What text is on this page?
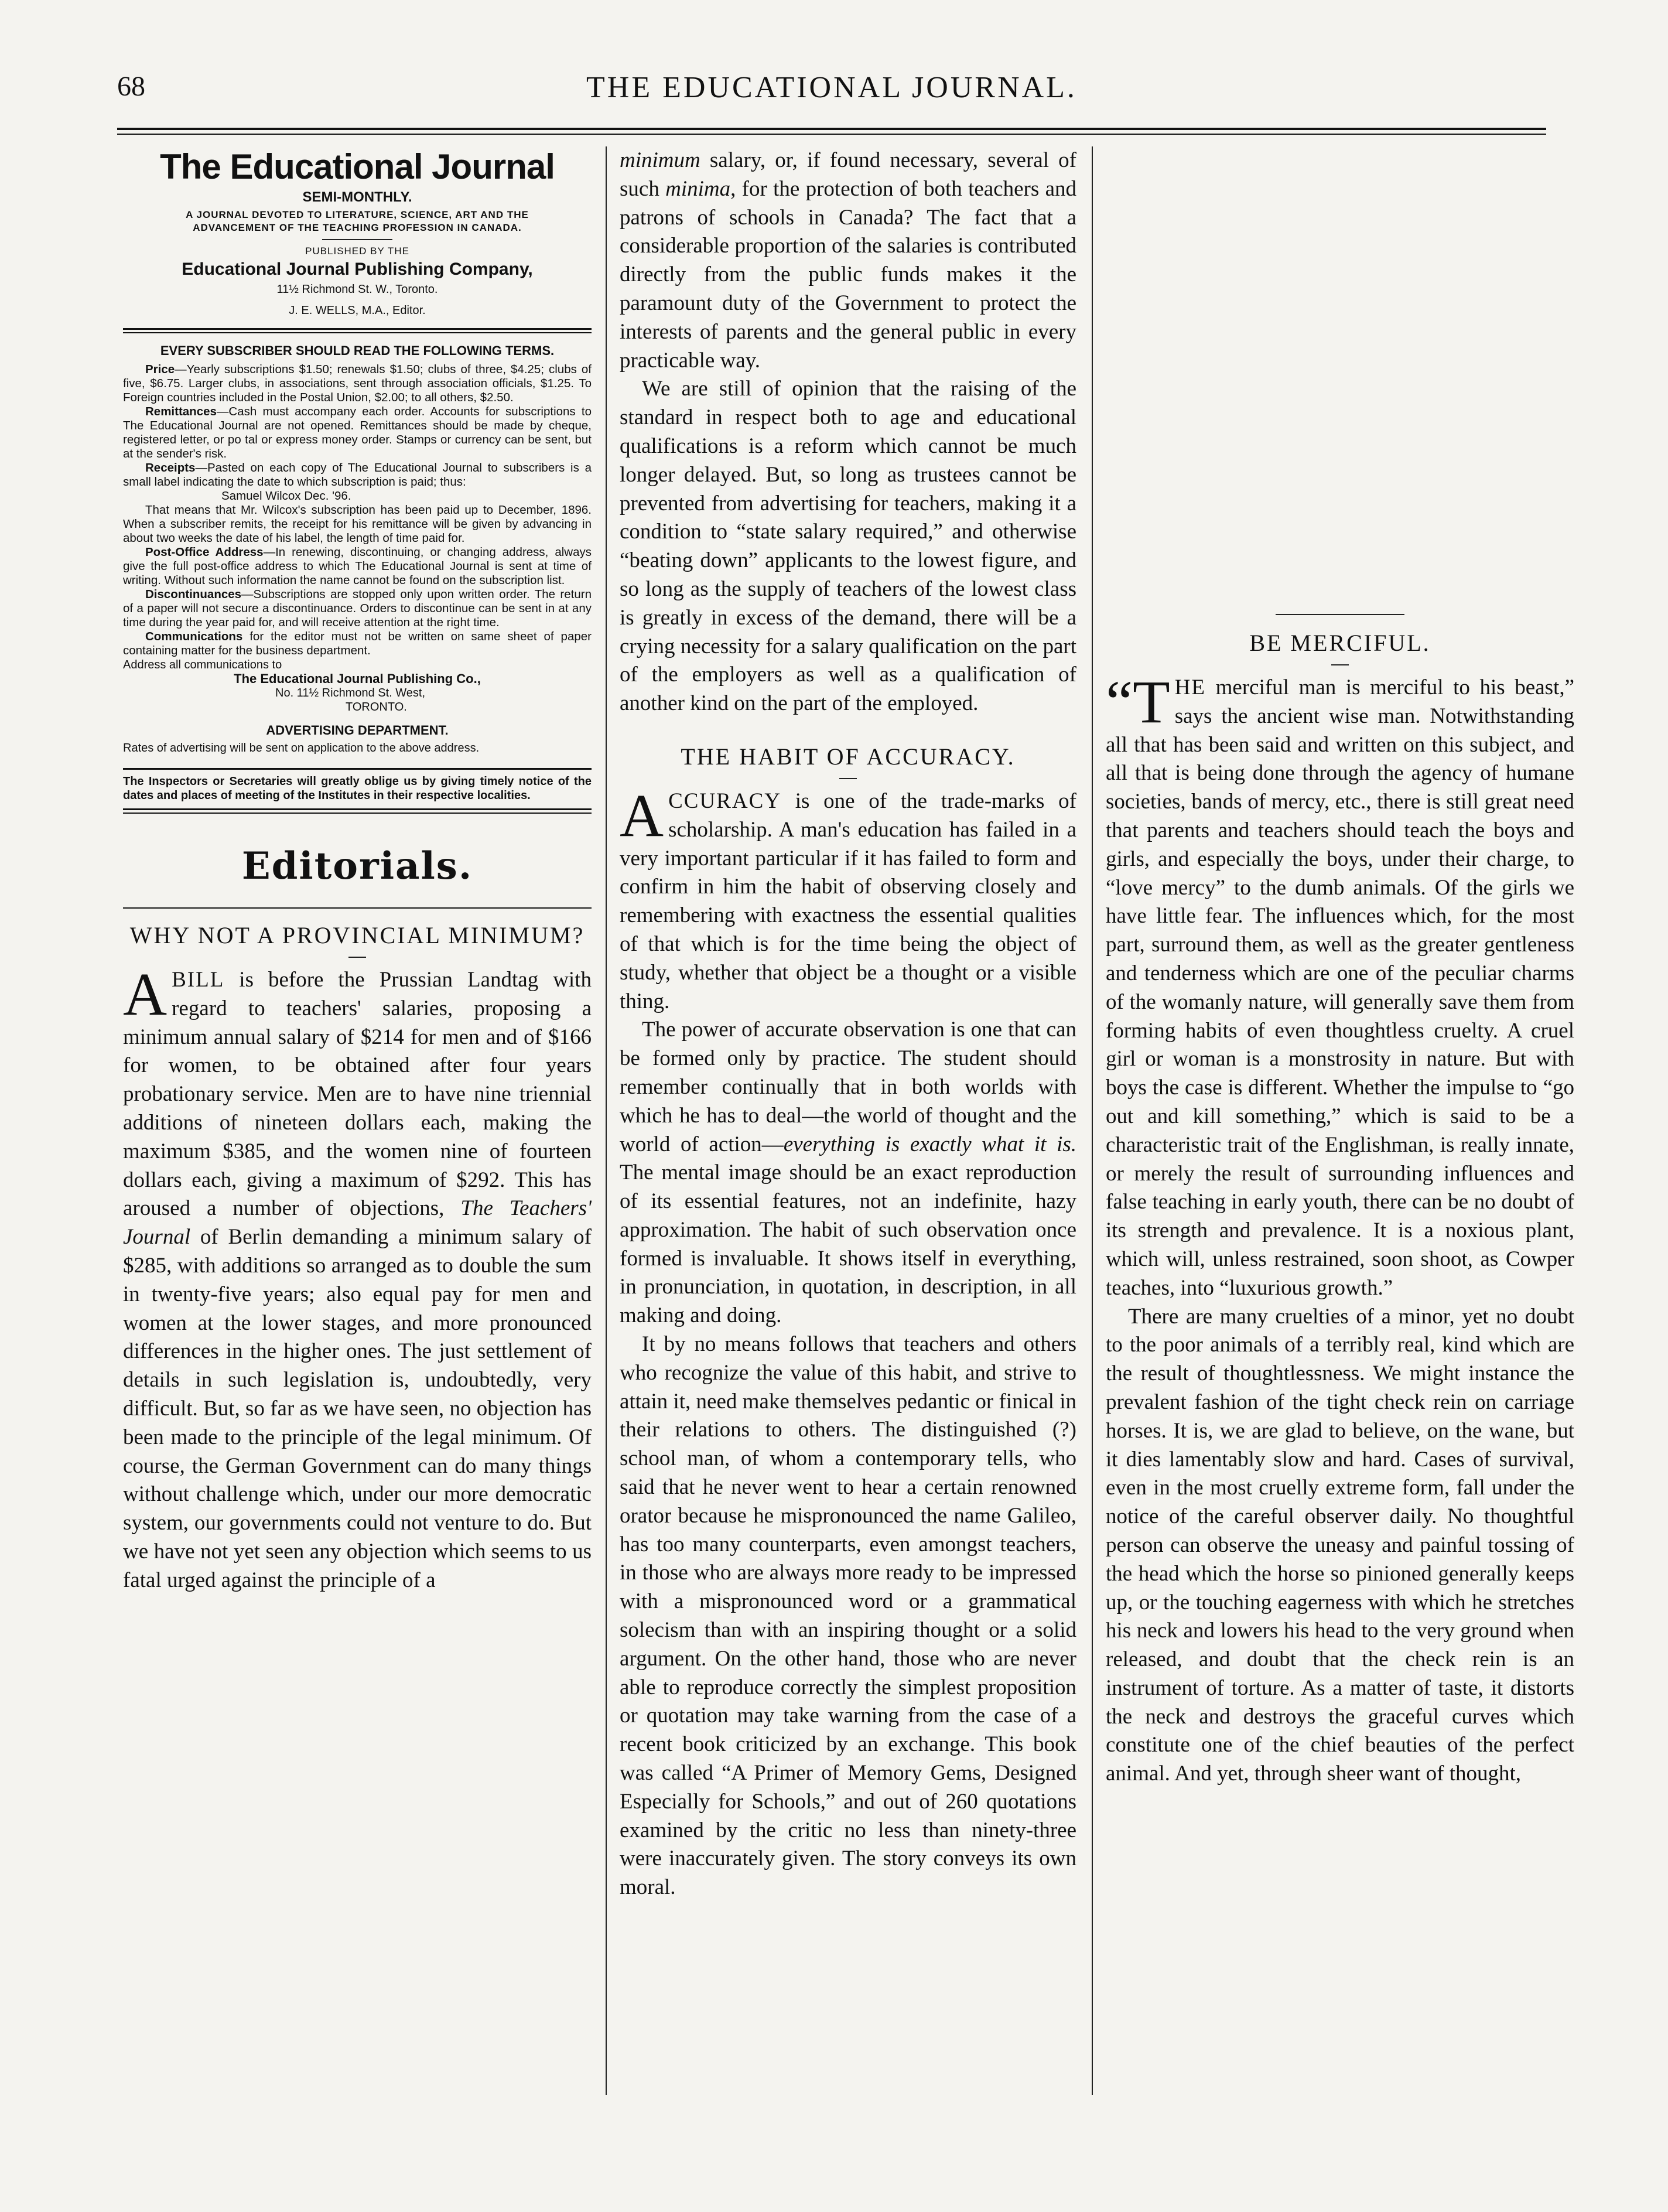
68	THE EDUCATIONAL JOURNAL.
The Educational Journal
SEMI-MONTHLY.
A JOURNAL DEVOTED TO LITERATURE, SCIENCE, ART AND THE ADVANCEMENT OF THE TEACHING PROFESSION IN CANADA.
PUBLISHED BY THE
Educational Journal Publishing Company,
11½ Richmond St. W., Toronto.
J. E. WELLS, M.A., Editor.
EVERY SUBSCRIBER SHOULD READ THE FOLLOWING TERMS.

Price—Yearly subscriptions $1.50; renewals $1.50; clubs of three, $4.25; clubs of five, $6.75. Larger clubs, in associations, sent through association officials, $1.25. To Foreign countries included in the Postal Union, $2.00; to all others, $2.50.

Remittances—Cash must accompany each order. Accounts for subscriptions to The Educational Journal are not opened. Remittances should be made by cheque, registered letter, or po tal or express money order. Stamps or currency can be sent, but at the sender's risk.

Receipts—Pasted on each copy of The Educational Journal to subscribers is a small label indicating the date to which subscription is paid; thus:

Samuel Wilcox Dec. '96.

That means that Mr. Wilcox's subscription has been paid up to December, 1896. When a subscriber remits, the receipt for his remittance will be given by advancing in about two weeks the date of his label, the length of time paid for.

Post-Office Address—In renewing, discontinuing, or changing address, always give the full post-office address to which The Educational Journal is sent at time of writing. Without such information the name cannot be found on the subscription list.

Discontinuances—Subscriptions are stopped only upon written order. The return of a paper will not secure a discontinuance. Orders to discontinue can be sent in at any time during the year paid for, and will receive attention at the right time.

Communications for the editor must not be written on same sheet of paper containing matter for the business department.

Address all communications to
The Educational Journal Publishing Co.,
No. 11½ Richmond St. West,
TORONTO.
ADVERTISING DEPARTMENT.
Rates of advertising will be sent on application to the above address.
The Inspectors or Secretaries will greatly oblige us by giving timely notice of the dates and places of meeting of the Institutes in their respective localities.
Editorials.
WHY NOT A PROVINCIAL MINIMUM?

ABILL is before the Prussian Landtag with regard to teachers' salaries, proposing a minimum annual salary of $214 for men and of $166 for women, to be obtained after four years probationary service. Men are to have nine triennial additions of nineteen dollars each, making the maximum $385, and the women nine of fourteen dollars each, giving a maximum of $292. This has aroused a number of objections, The Teachers' Journal of Berlin demanding a minimum salary of $285, with additions so arranged as to double the sum in twenty-five years; also equal pay for men and women at the lower stages, and more pronounced differences in the higher ones. The just settlement of details in such legislation is, undoubtedly, very difficult. But, so far as we have seen, no objection has been made to the principle of the legal minimum. Of course, the German Government can do many things without challenge which, under our more democratic system, our governments could not venture to do. But we have not yet seen any objection which seems to us fatal urged against the principle of a

minimum salary, or, if found necessary, several of such minima, for the protection of both teachers and patrons of schools in Canada? The fact that a considerable proportion of the salaries is contributed directly from the public funds makes it the paramount duty of the Government to protect the interests of parents and the general public in every practicable way.

We are still of opinion that the raising of the standard in respect both to age and educational qualifications is a reform which cannot be much longer delayed. But, so long as trustees cannot be prevented from advertising for teachers, making it a condition to “state salary required,” and otherwise “beating down” applicants to the lowest figure, and so long as the supply of teachers of the lowest class is greatly in excess of the demand, there will be a crying necessity for a salary qualification on the part of the employers as well as a qualification of another kind on the part of the employed.

THE HABIT OF ACCURACY.

ACCURACY is one of the trade-marks of scholarship. A man's education has failed in a very important particular if it has failed to form and confirm in him the habit of observing closely and remembering with exactness the essential qualities of that which is for the time being the object of study, whether that object be a thought or a visible thing.

The power of accurate observation is one that can be formed only by practice. The student should remember continually that in both worlds with which he has to deal—the world of thought and the world of action—everything is exactly what it is. The mental image should be an exact reproduction of its essential features, not an indefinite, hazy approximation. The habit of such observation once formed is invaluable. It shows itself in everything, in pronunciation, in quotation, in description, in all making and doing.

It by no means follows that teachers and others who recognize the value of this habit, and strive to attain it, need make themselves pedantic or finical in their relations to others. The distinguished (?) school man, of whom a contemporary tells, who said that he never went to hear a certain renowned orator because he mispronounced the name Galileo, has too many counterparts, even amongst teachers, in those who are always more ready to be impressed with a mispronounced word or a grammatical solecism than with an inspiring thought or a solid argument. On the other hand, those who are never able to reproduce correctly the simplest proposition or quotation may take warning from the case of a recent book criticized by an exchange. This book was called “A Primer of Memory Gems, Designed Especially for Schools,” and out of 260 quotations examined by the critic no less than ninety-three were inaccurately given. The story conveys its own moral.

BE MERCIFUL.

“THE merciful man is merciful to his beast,” says the ancient wise man. Notwithstanding all that has been said and written on this subject, and all that is being done through the agency of humane societies, bands of mercy, etc., there is still great need that parents and teachers should teach the boys and girls, and especially the boys, under their charge, to “love mercy” to the dumb animals. Of the girls we have little fear. The influences which, for the most part, surround them, as well as the greater gentleness and tenderness which are one of the peculiar charms of the womanly nature, will generally save them from forming habits of even thoughtless cruelty. A cruel girl or woman is a monstrosity in nature. But with boys the case is different. Whether the impulse to “go out and kill something,” which is said to be a characteristic trait of the Englishman, is really innate, or merely the result of surrounding influences and false teaching in early youth, there can be no doubt of its strength and prevalence. It is a noxious plant, which will, unless restrained, soon shoot, as Cowper teaches, into “luxurious growth.”

There are many cruelties of a minor, yet no doubt to the poor animals of a terribly real, kind which are the result of thoughtlessness. We might instance the prevalent fashion of the tight check rein on carriage horses. It is, we are glad to believe, on the wane, but it dies lamentably slow and hard. Cases of survival, even in the most cruelly extreme form, fall under the notice of the careful observer daily. No thoughtful person can observe the uneasy and painful tossing of the head which the horse so pinioned generally keeps up, or the touching eagerness with which he stretches his neck and lowers his head to the very ground when released, and doubt that the check rein is an instrument of torture. As a matter of taste, it distorts the neck and destroys the graceful curves which constitute one of the chief beauties of the perfect animal. And yet, through sheer want of thought,
